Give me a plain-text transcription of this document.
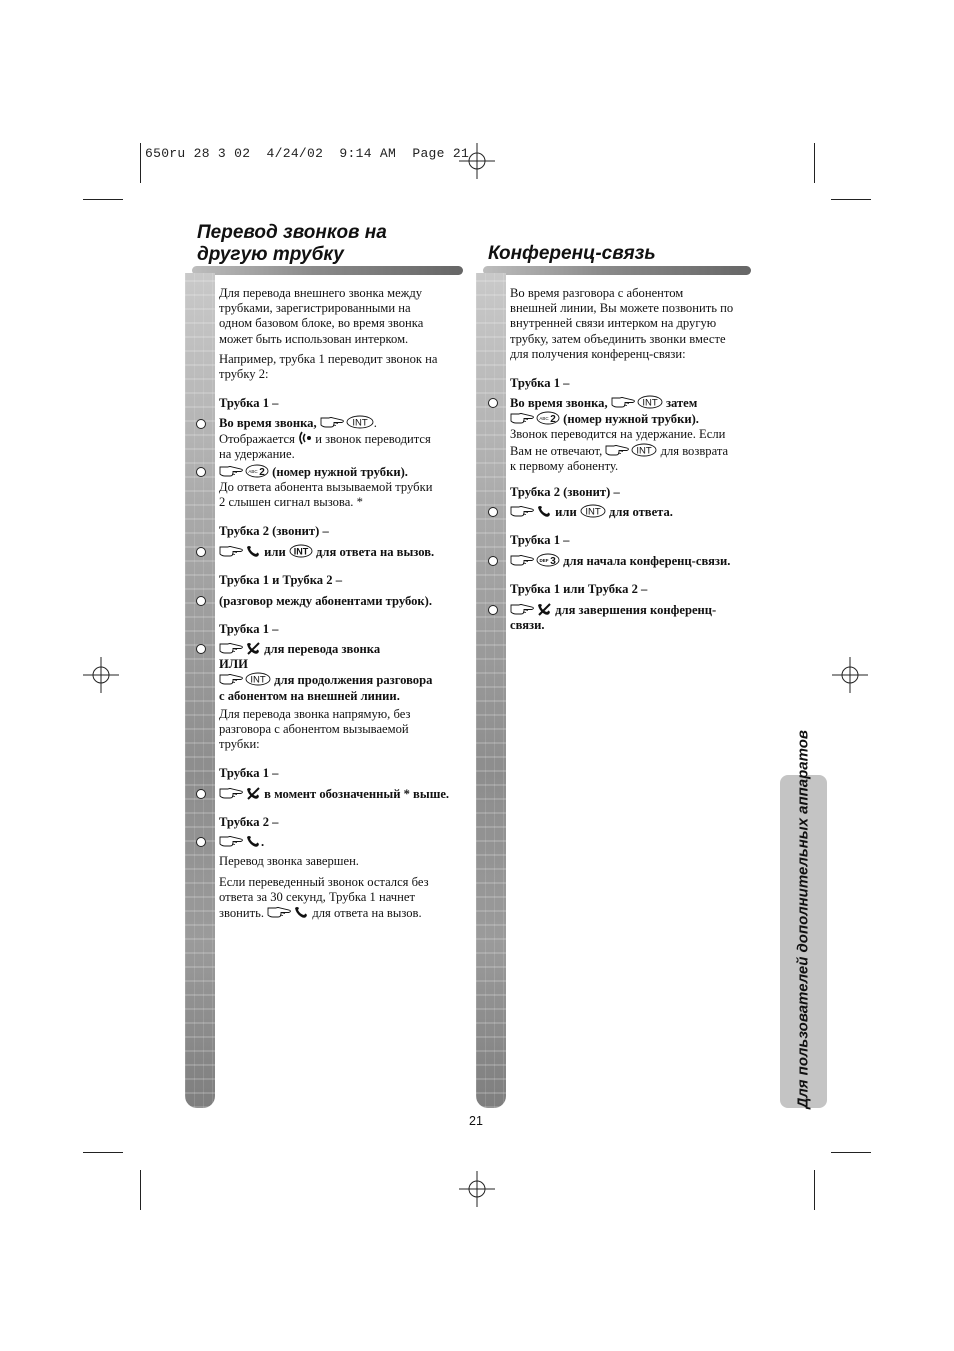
650ru 28 3 02  4/24/02  9:14 AM  Page 21
Перевод звонков на
другую трубку
Для перевода внешнего звонка между
трубками, зарегистрированными на
одном базовом блоке, во время звонка
может быть использован интерком.
Например, трубка 1 переводит звонок на
трубку 2:
Трубка 1 –
Во время звонка,	INT .
Отображается и звонок переводится
на удержание.
ABC 2 (номер нужной трубки).
До ответа абонента вызываемой трубки
2 слышен сигнал вызова. *
Трубка 2 (звонит) –
или INT для ответа на вызов.
Трубка 1 и Трубка 2 –
(разговор между абонентами трубок).
Трубка 1 –
для перевода звонка
ИЛИ
INT для продолжения разговора
с абонентом на внешней линии.
Для перевода звонка напрямую, без
разговора с абонентом вызываемой
трубки:
Трубка 1 –
в момент обозначенный * выше.
Трубка 2 –
.
Перевод звонка завершен.
Если переведенный звонок остался без
ответа за 30 секунд, Трубка 1 начнет
звонить.	для ответа на вызов.
Конференц-связь
Во время разговора с абонентом
внешней линии, Вы можете позвонить по
внутренней связи интерком на другую
трубку, затем объединить звонки вместе
для получения конференц-связи:
Трубка 1 –
Во время звонка,	INT затем
ABC 2 (номер нужной трубки).
Звонок переводится на удержание. Если
Вам не отвечают,	INT для возврата
к первому абоненту.
Трубка 2 (звонит) –
или INT для ответа.
Трубка 1 –
DEF 3 для начала конференц-связи.
Трубка 1 или Трубка 2 –
для завершения конференц-
связи.
Для пользователей дополнительных аппаратов
21
